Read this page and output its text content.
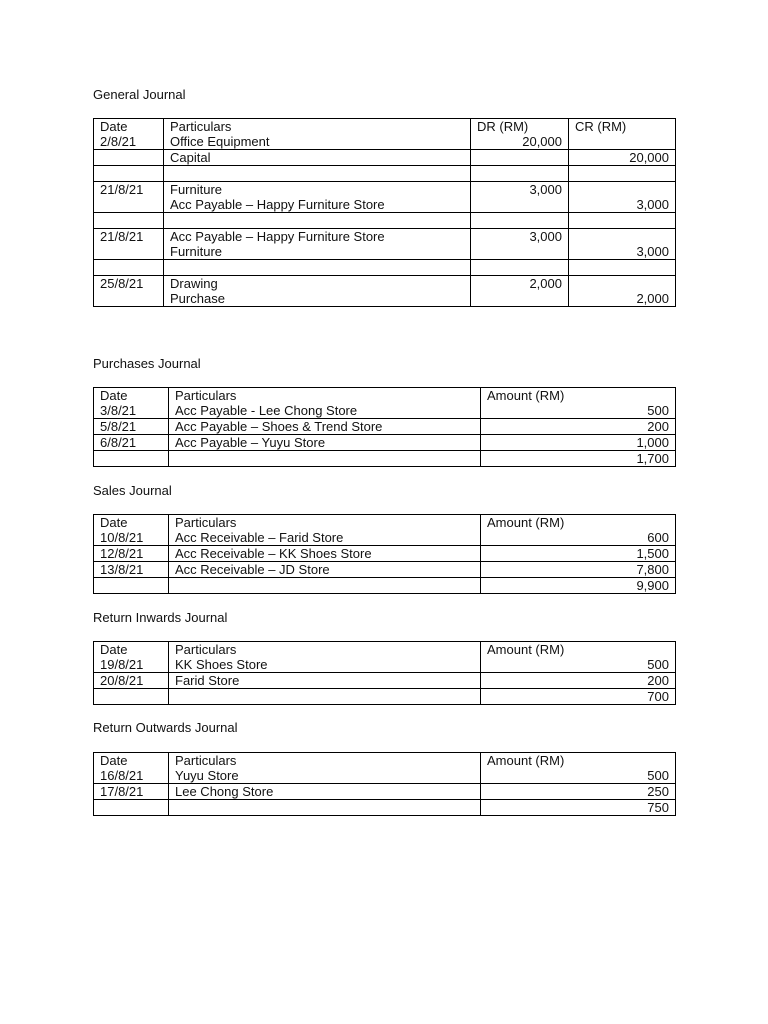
General Journal
Date	Particulars	DR (RM)	CR (RM)
2/8/21	Office Equipment	20,000	
	Capital		20,000

21/8/21	Furniture	3,000	
	Acc Payable – Happy Furniture Store		3,000

21/8/21	Acc Payable – Happy Furniture Store	3,000	
	Furniture		3,000

25/8/21	Drawing	2,000	
	Purchase		2,000
Purchases Journal
Date	Particulars	Amount (RM)
3/8/21	Acc Payable - Lee Chong Store	500
5/8/21	Acc Payable – Shoes & Trend Store	200
6/8/21	Acc Payable – Yuyu Store	1,000
		1,700
Sales Journal
Date	Particulars	Amount (RM)
10/8/21	Acc Receivable – Farid Store	600
12/8/21	Acc Receivable – KK Shoes Store	1,500
13/8/21	Acc Receivable – JD Store	7,800
		9,900
Return Inwards Journal
Date	Particulars	Amount (RM)
19/8/21	KK Shoes Store	500
20/8/21	Farid Store	200
		700
Return Outwards Journal
Date	Particulars	Amount (RM)
16/8/21	Yuyu Store	500
17/8/21	Lee Chong Store	250
		750
